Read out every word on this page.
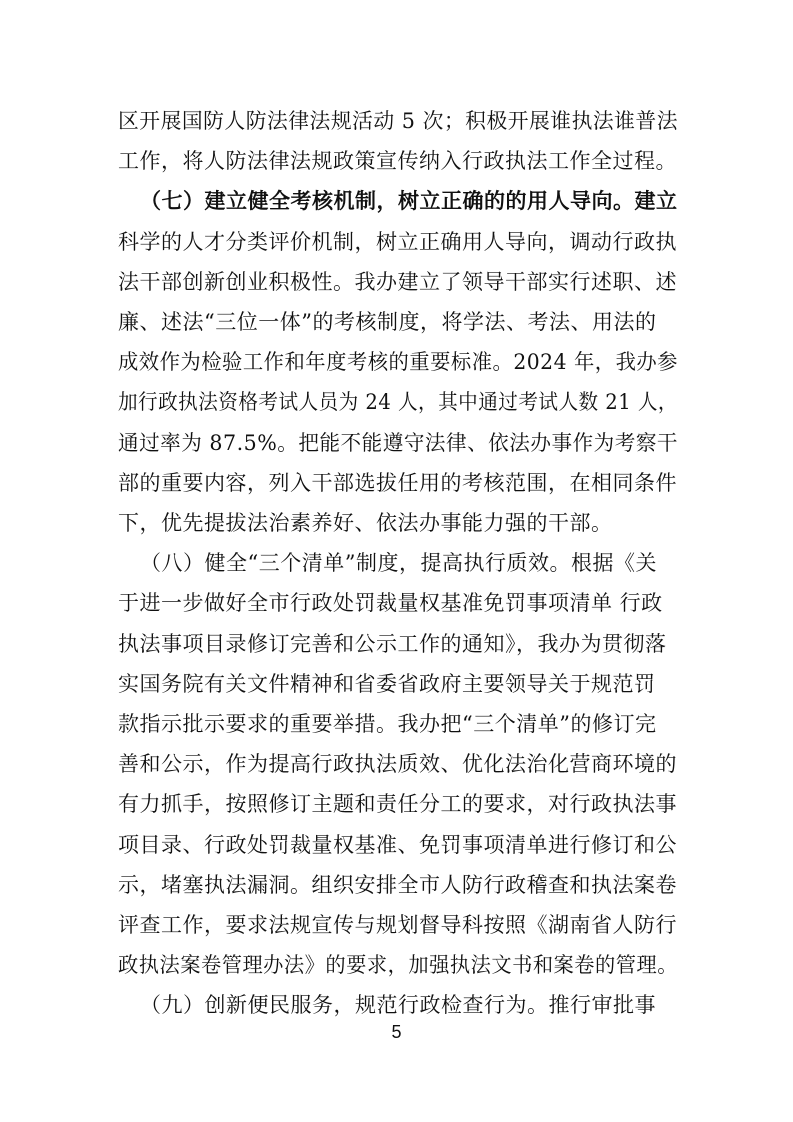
区开展国防人防法律法规活动 5 次；积极开展谁执法谁普法
工作，将人防法律法规政策宣传纳入行政执法工作全过程。
（七）建立健全考核机制，树立正确的的用人导向。建立
科学的人才分类评价机制，树立正确用人导向，调动行政执
法干部创新创业积极性。我办建立了领导干部实行述职、述
廉、述法“三位一体”的考核制度，将学法、考法、用法的
成效作为检验工作和年度考核的重要标准。2024 年，我办参
加行政执法资格考试人员为 24 人，其中通过考试人数 21 人，
通过率为 87.5%。把能不能遵守法律、依法办事作为考察干
部的重要内容，列入干部选拔任用的考核范围，在相同条件
下，优先提拔法治素养好、依法办事能力强的干部。
（八）健全“三个清单”制度，提高执行质效。根据《关
于进一步做好全市行政处罚裁量权基准免罚事项清单 行政
执法事项目录修订完善和公示工作的通知》，我办为贯彻落
实国务院有关文件精神和省委省政府主要领导关于规范罚
款指示批示要求的重要举措。我办把“三个清单”的修订完
善和公示，作为提高行政执法质效、优化法治化营商环境的
有力抓手，按照修订主题和责任分工的要求，对行政执法事
项目录、行政处罚裁量权基准、免罚事项清单进行修订和公
示，堵塞执法漏洞。组织安排全市人防行政稽查和执法案卷
评查工作，要求法规宣传与规划督导科按照《湖南省人防行
政执法案卷管理办法》的要求，加强执法文书和案卷的管理。
（九）创新便民服务，规范行政检查行为。推行审批事
5
